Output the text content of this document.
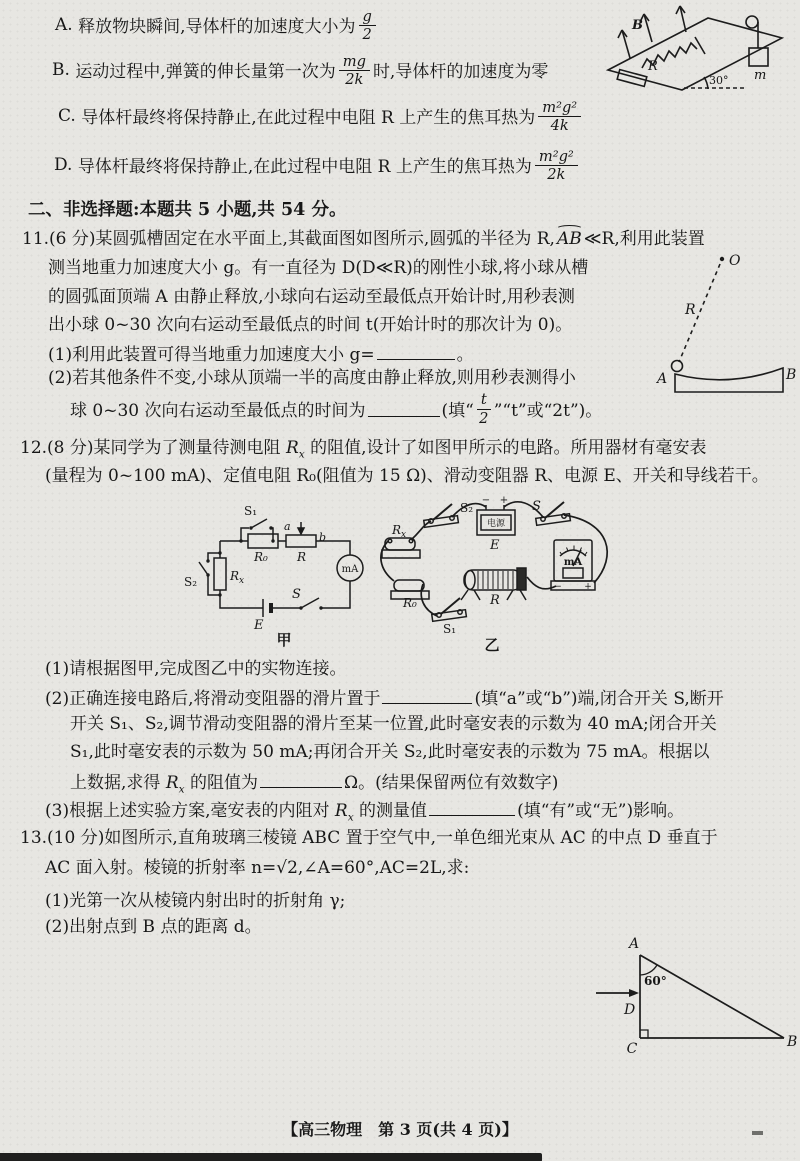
A.
释放物块瞬间,导体杆的加速度大小为 $\frac{g}{2}$
B.
运动过程中,弹簧的伸长量第一次为 $\frac{mg}{2k}$ 时,导体杆的加速度为零
C.
导体杆最终将保持静止,在此过程中电阻 R 上产生的焦耳热为 $\frac{\text{m²g²}}{4k}$
D.
导体杆最终将保持静止,在此过程中电阻 R 上产生的焦耳热为 $\frac{\text{m²g²}}{2k}$
B
R
30° m
二、非选择题:本题共 5 小题,共 54 分。
11.(6 分)某圆弧槽固定在水平面上,其截面图如图所示,圆弧的半径为 R, AB ≪R,利用此装置
测当地重力加速度大小 g。有一直径为 D(D≪R)的刚性小球,将小球从槽
的圆弧面顶端 A 由静止释放,小球向右运动至最低点开始计时,用秒表测
出小球 0~30 次向右运动至最低点的时间 t(开始计时的那次计为 0)。
(1)利用此装置可得当地重力加速度大小 g=	。
(2)若其他条件不变,小球从顶端一半的高度由静止释放,则用秒表测得小
球 0~30 次向右运动至最低点的时间为	(填“ $\frac{t}{2}$ ”“t”或“2t”)。
O
R
A	B
12.(8 分)某同学为了测量待测电阻 $R_x$ 的阻值,设计了如图甲所示的电路。所用器材有毫安表
(量程为 0~100 mA)、定值电阻 R₀(阻值为 15 Ω)、滑动变阻器 R、电源 E、开关和导线若干。
S₁
R₀
a
b
R
mA
S₂	$R_x$
S
E
甲
S₂
电源
− +
E
S
mA
− +
$R_x$
R₀	R
S₁
乙
(1)请根据图甲,完成图乙中的实物连接。
(2)正确连接电路后,将滑动变阻器的滑片置于	(填“a”或“b”)端,闭合开关 S,断开
开关 S₁、S₂,调节滑动变阻器的滑片至某一位置,此时毫安表的示数为 40 mA;闭合开关
S₁,此时毫安表的示数为 50 mA;再闭合开关 S₂,此时毫安表的示数为 75 mA。根据以
上数据,求得 $R_x$ 的阻值为	Ω。(结果保留两位有效数字)
(3)根据上述实验方案,毫安表的内阻对 $R_x$ 的测量值	(填“有”或“无”)影响。
13.(10 分)如图所示,直角玻璃三棱镜 ABC 置于空气中,一单色细光束从 AC 的中点 D 垂直于
AC 面入射。棱镜的折射率 n=√2,∠A=60°,AC=2L,求:
(1)光第一次从棱镜内射出时的折射角 γ;
(2)出射点到 B 点的距离 d。
A
60°
D
C	B
【高三物理　第 3 页(共 4 页)】
